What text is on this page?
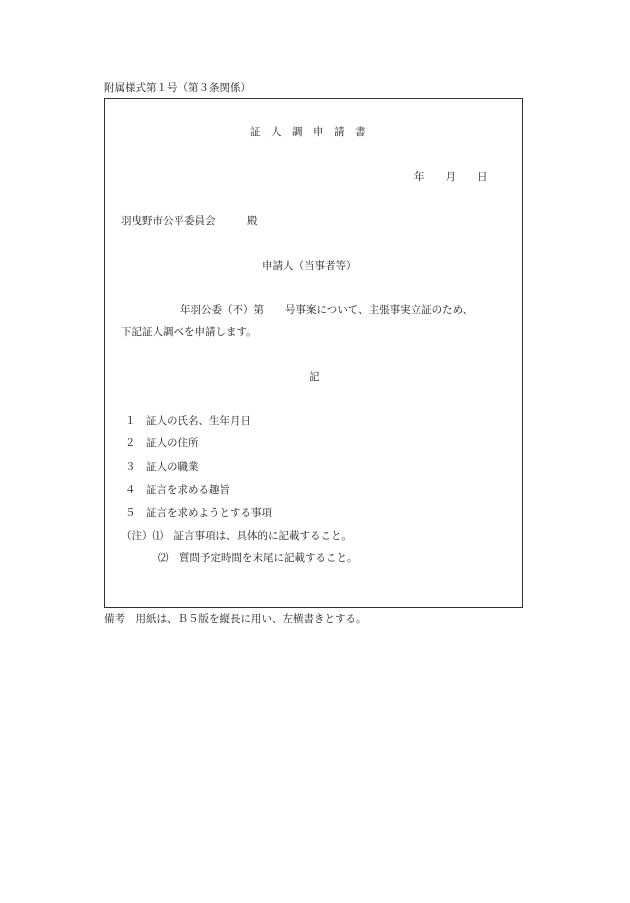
附属様式第１号（第３条関係）
証　人　調　申　請　書
年　　月　　日
羽曳野市公平委員会　　　殿
申請人（当事者等）
年羽公委（不）第　　号事案について、主張事実立証のため、
下記証人調べを申請します。
記
１　証人の氏名、生年月日
２　証人の住所
３　証人の職業
４　証言を求める趣旨
５　証言を求めようとする事項
（注）⑴　証言事項は、具体的に記載すること。
⑵　質問予定時間を末尾に記載すること。
備考　用紙は、Ｂ５版を縦長に用い、左横書きとする。
